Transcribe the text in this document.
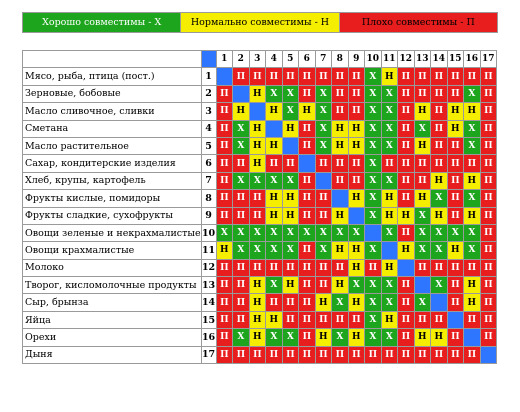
Хорошо совместимы - Х	Нормально совместимы - Н	Плохо совместимы - П
		1	2	3	4	5	6	7	8	9	10	11	12	13	14	15	16	17
Мясо, рыба, птица (пост.)	1		П	П	П	П	П	П	П	П	Х	Н	П	П	П	П	П	П
Зерновые, бобовые	2	П		Н	Х	Х	П	Х	П	П	Х	Х	П	П	П	П	Х	П
Масло сливочное, сливки	3	П	Н		Н	Х	Н	Х	П	П	Х	Х	П	Н	П	Н	Н	П
Сметана	4	П	Х	Н		Н	П	Х	Н	Н	Х	Х	П	Х	П	Н	Х	П
Масло растительное	5	П	Х	Н	Н		П	Х	Н	Н	Х	Х	П	Н	П	П	Х	П
Сахар, кондитерские изделия	6	П	П	Н	П	П		П	П	П	Х	П	П	П	П	П	П	П
Хлеб, крупы, картофель	7	П	Х	Х	Х	Х	П		П	П	Х	Х	П	П	Н	П	Н	П
Фрукты кислые, помидоры	8	П	П	П	Н	Н	П	П		Н	Х	Н	П	Н	Х	П	Х	П
Фрукты сладкие, сухофрукты	9	П	П	П	Н	Н	П	П	Н		Х	Н	Н	Х	Н	П	Н	П
Овощи зеленые и некрахмалистые	10	Х	Х	Х	Х	Х	Х	Х	Х	Х		Х	П	Х	Х	Х	Х	П
Овощи крахмалистые	11	Н	Х	Х	Х	Х	П	Х	Н	Н	Х		Н	Х	Х	Н	Х	П
Молоко	12	П	П	П	П	П	П	П	П	Н	П	Н		П	П	П	П	П
Творог, кисломолочные продукты	13	П	П	Н	Х	Н	П	П	Н	Х	Х	Х	П		Х	П	Н	П
Сыр, брынза	14	П	П	Н	П	П	П	Н	Х	Н	Х	Х	П	Х		П	Н	П
Яйца	15	П	П	Н	Н	П	П	П	П	П	Х	Н	П	П	П		П	П
Орехи	16	П	Х	Н	Х	Х	П	Н	Х	Н	Х	Х	П	Н	Н	П		П
Дыня	17	П	П	П	П	П	П	П	П	П	П	П	П	П	П	П	П	
